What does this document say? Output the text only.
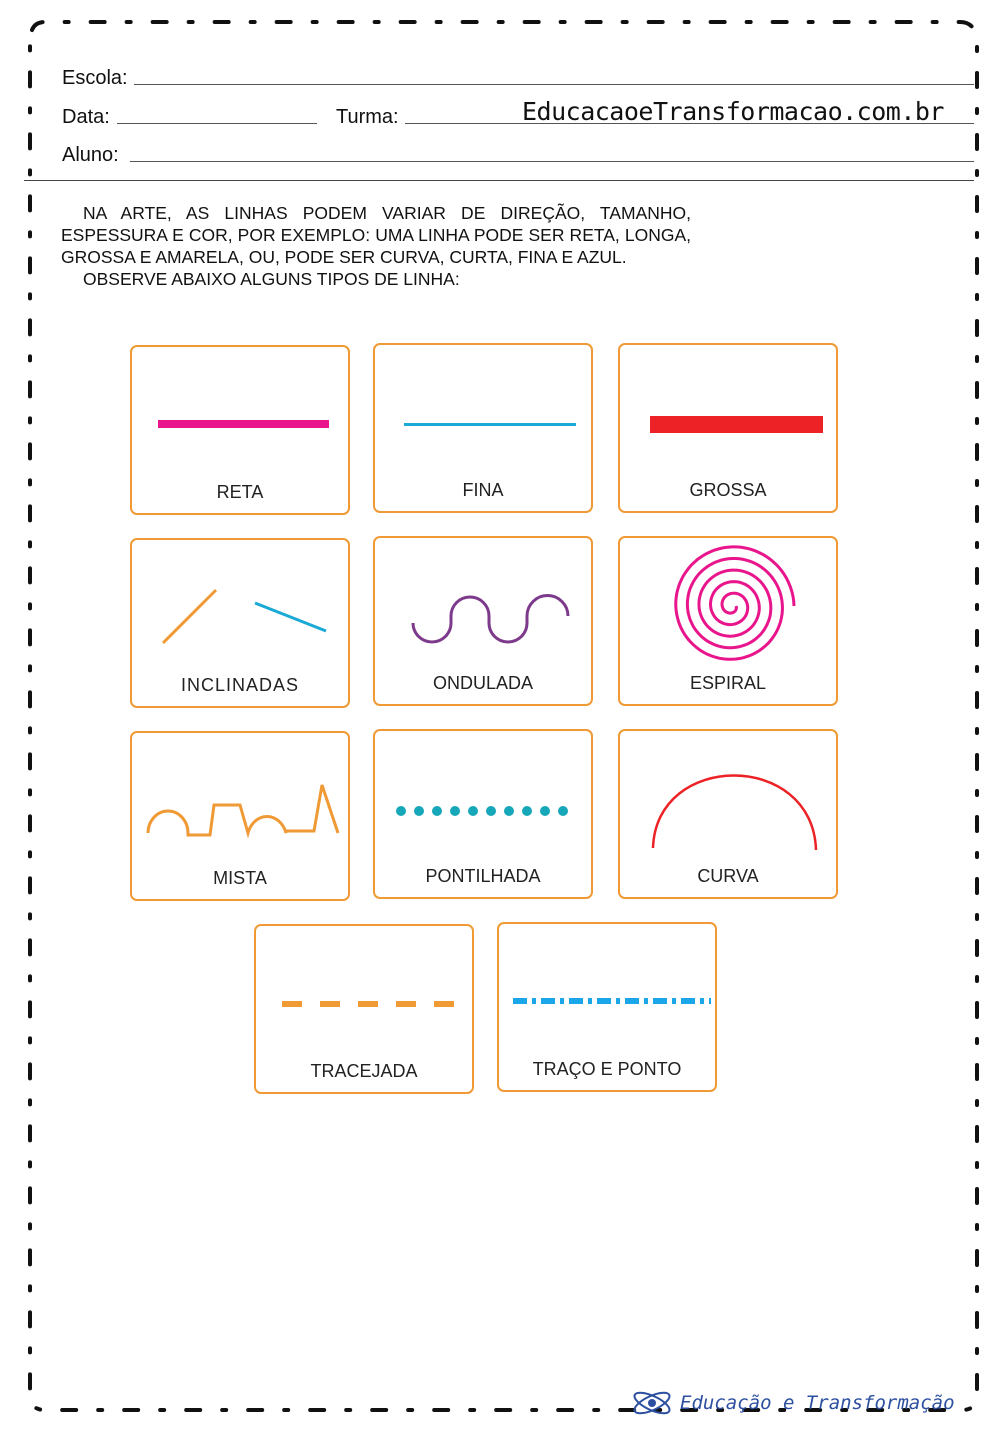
Escola:
Data:	Turma:	EducacaoeTransformacao.com.br
Aluno:

NA ARTE, AS LINHAS PODEM VARIAR DE DIREÇÃO, TAMANHO, ESPESSURA E COR, POR EXEMPLO: UMA LINHA PODE SER RETA, LONGA, GROSSA E AMARELA, OU, PODE SER CURVA, CURTA, FINA E AZUL.

OBSERVE ABAIXO ALGUNS TIPOS DE LINHA:

RETA	FINA	GROSSA
INCLINADAS	ONDULADA	ESPIRAL
MISTA	PONTILHADA	CURVA
TRACEJADA	TRAÇO E PONTO
Educação e Transformação
